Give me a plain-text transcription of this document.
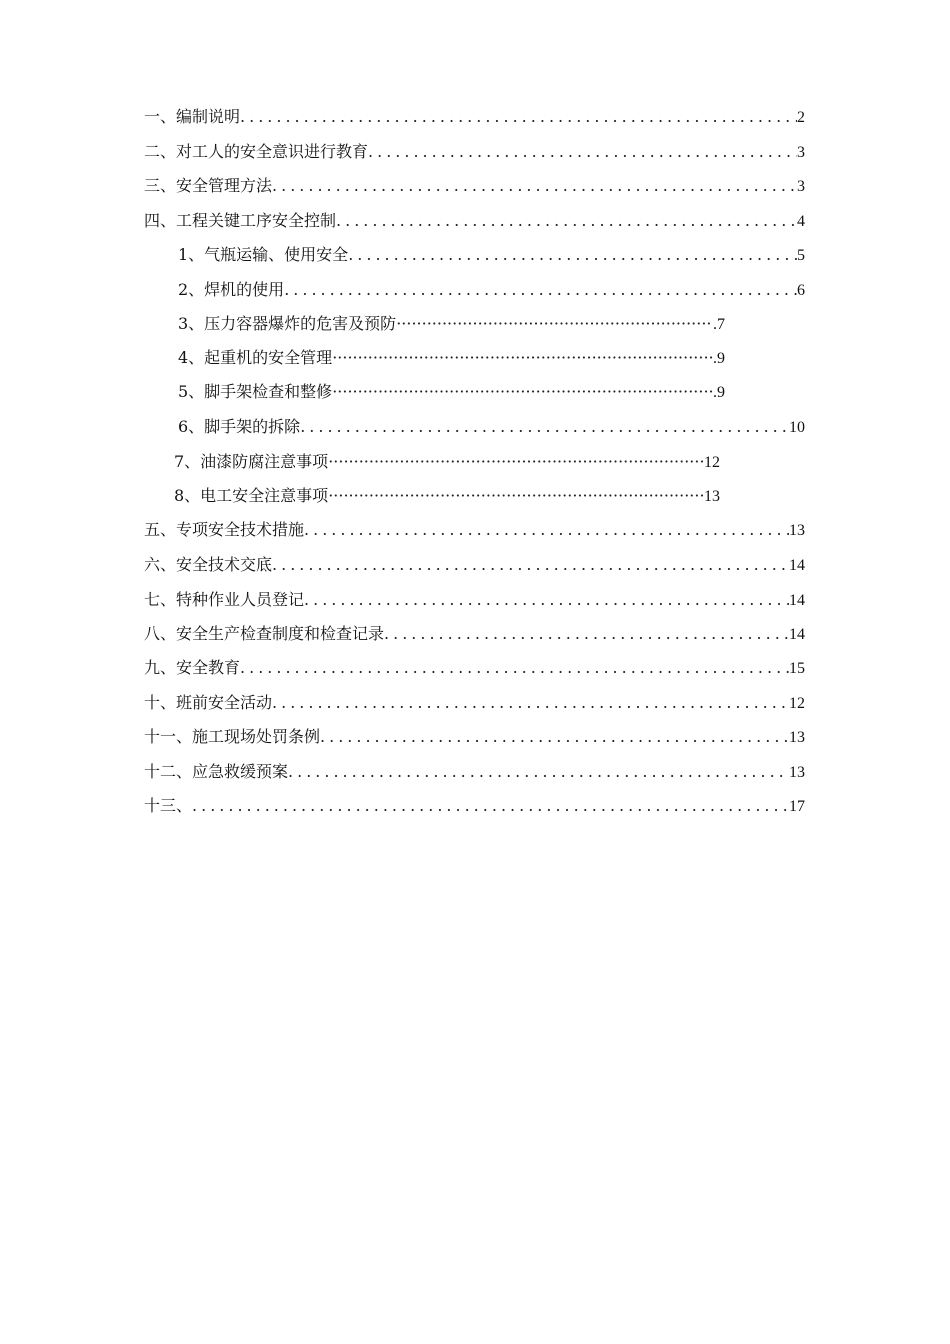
一、编制说明 .....	2
二、对工人的安全意识进行教育 .....	3
三、安全管理方法 .....	3
四、工程关键工序安全控制 .....	4
1、气瓶运输、使用安全 .....	5
2、焊机的使用 .....	6
3、压力容器爆炸的危害及预防 ·····	.7
4、起重机的安全管理 ·····	.9
5、脚手架检查和整修 ·····	.9
6、脚手架的拆除 .....	10
7、油漆防腐注意事项 ·····	12
8、电工安全注意事项 ·····	13
五、专项安全技术措施 .....	13
六、安全技术交底 .....	14
七、特种作业人员登记 .....	14
八、安全生产检查制度和检查记录 .....	14
九、安全教育 .....	15
十、班前安全活动 .....	12
十一、施工现场处罚条例 .....	13
十二、应急救缓预案 .....	13
十三、 .....	17
